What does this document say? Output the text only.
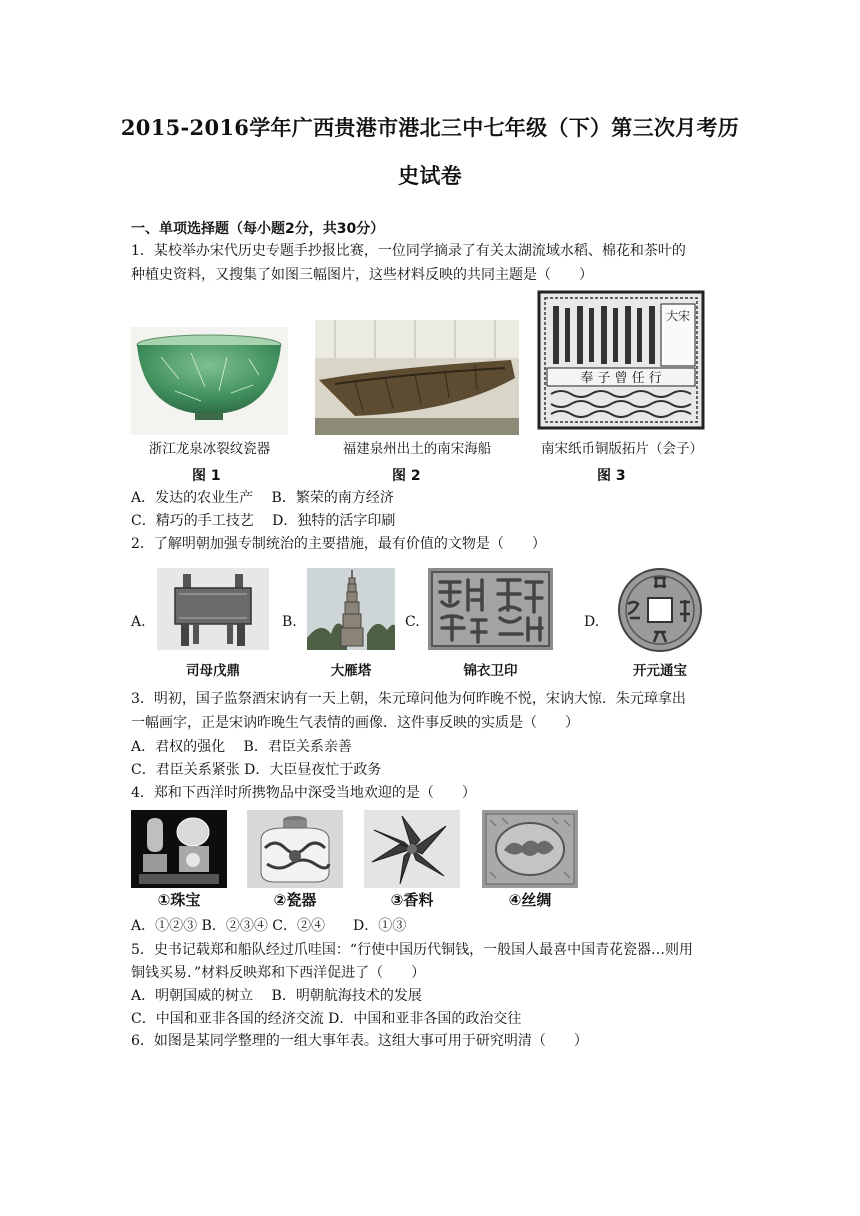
2015-2016学年广西贵港市港北三中七年级（下）第三次月考历
史试卷
一、单项选择题（每小题2分，共30分）
1．某校举办宋代历史专题手抄报比赛，一位同学摘录了有关太湖流域水稻、棉花和茶叶的
种植史资料，又搜集了如图三幅图片，这些材料反映的共同主题是（　　）
浙江龙泉冰裂纹瓷器	福建泉州出土的南宋海船
大宋
奉 子 曾 任 行
南宋纸币铜版拓片（会子）
图 1	图 2	图 3
A．发达的农业生产　 B．繁荣的南方经济
C．精巧的手工技艺　 D．独特的活字印刷
2．了解明朝加强专制统治的主要措施，最有价值的文物是（　　）
A.
司母戊鼎
B.
大雁塔
C.
锦衣卫印
D.
开元通宝
3．明初，国子监祭酒宋讷有一天上朝，朱元璋问他为何昨晚不悦，宋讷大惊．朱元璋拿出
一幅画字，正是宋讷昨晚生气表情的画像．这件事反映的实质是（　　）
A．君权的强化　 B．君臣关系亲善
C．君臣关系紧张 D．大臣昼夜忙于政务
4．郑和下西洋时所携物品中深受当地欢迎的是（　　）
①珠宝	②瓷器	③香料	④丝绸
A．①②③ B．②③④ C．②④　　D．①③
5．史书记载郑和船队经过爪哇国：“行使中国历代铜钱，一般国人最喜中国青花瓷器…则用
铜钱买易．”材料反映郑和下西洋促进了（　　）
A．明朝国威的树立　 B．明朝航海技术的发展
C．中国和亚非各国的经济交流 D．中国和亚非各国的政治交往
6．如图是某同学整理的一组大事年表。这组大事可用于研究明清（　　）
